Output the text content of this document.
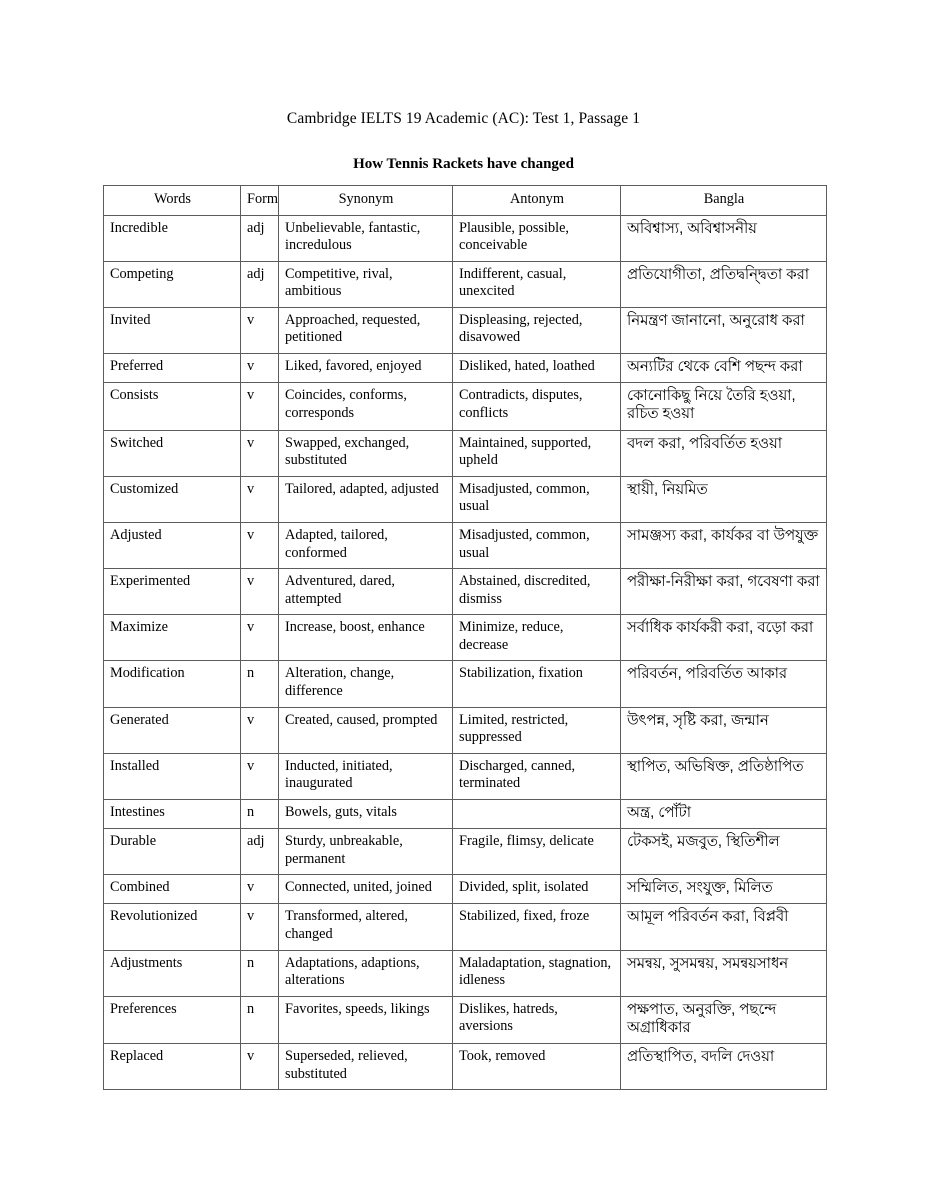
Cambridge IELTS 19 Academic (AC): Test 1, Passage 1
How Tennis Rackets have changed
Words	Form	Synonym	Antonym	Bangla
Incredible	adj	Unbelievable, fantastic, incredulous	Plausible, possible, conceivable	অবিশ্বাস্য, অবিশ্বাসনীয়
Competing	adj	Competitive, rival, ambitious	Indifferent, casual, unexcited	প্রতিযোগীতা, প্রতিদ্বন্দ্বিতা করা
Invited	v	Approached, requested, petitioned	Displeasing, rejected, disavowed	নিমন্ত্রণ জানানো, অনুরোধ করা
Preferred	v	Liked, favored, enjoyed	Disliked, hated, loathed	অন্যটির থেকে বেশি পছন্দ করা
Consists	v	Coincides, conforms, corresponds	Contradicts, disputes, conflicts	কোনোকিছু নিয়ে তৈরি হওয়া, রচিত হওয়া
Switched	v	Swapped, exchanged, substituted	Maintained, supported, upheld	বদল করা, পরিবর্তিত হওয়া
Customized	v	Tailored, adapted, adjusted	Misadjusted, common, usual	স্থায়ী, নিয়মিত
Adjusted	v	Adapted, tailored, conformed	Misadjusted, common, usual	সামঞ্জস্য করা, কার্যকর বা উপযুক্ত
Experimented	v	Adventured, dared, attempted	Abstained, discredited, dismiss	পরীক্ষা-নিরীক্ষা করা, গবেষণা করা
Maximize	v	Increase, boost, enhance	Minimize, reduce, decrease	সর্বাধিক কার্যকরী করা, বড়ো করা
Modification	n	Alteration, change, difference	Stabilization, fixation	পরিবর্তন, পরিবর্তিত আকার
Generated	v	Created, caused, prompted	Limited, restricted, suppressed	উৎপন্ন, সৃষ্টি করা, জন্মান
Installed	v	Inducted, initiated, inaugurated	Discharged, canned, terminated	স্থাপিত, অভিষিক্ত, প্রতিষ্ঠাপিত
Intestines	n	Bowels, guts, vitals		অন্ত্র, পোঁটা
Durable	adj	Sturdy, unbreakable, permanent	Fragile, flimsy, delicate	টেকসই, মজবুত, স্থিতিশীল
Combined	v	Connected, united, joined	Divided, split, isolated	সম্মিলিত, সংযুক্ত, মিলিত
Revolutionized	v	Transformed, altered, changed	Stabilized, fixed, froze	আমূল পরিবর্তন করা, বিপ্লবী
Adjustments	n	Adaptations, adaptions, alterations	Maladaptation, stagnation, idleness	সমন্বয়, সুসমন্বয়, সমন্বয়সাধন
Preferences	n	Favorites, speeds, likings	Dislikes, hatreds, aversions	পক্ষপাত, অনুরক্তি, পছন্দে অগ্রাধিকার
Replaced	v	Superseded, relieved, substituted	Took, removed	প্রতিস্থাপিত, বদলি দেওয়া
